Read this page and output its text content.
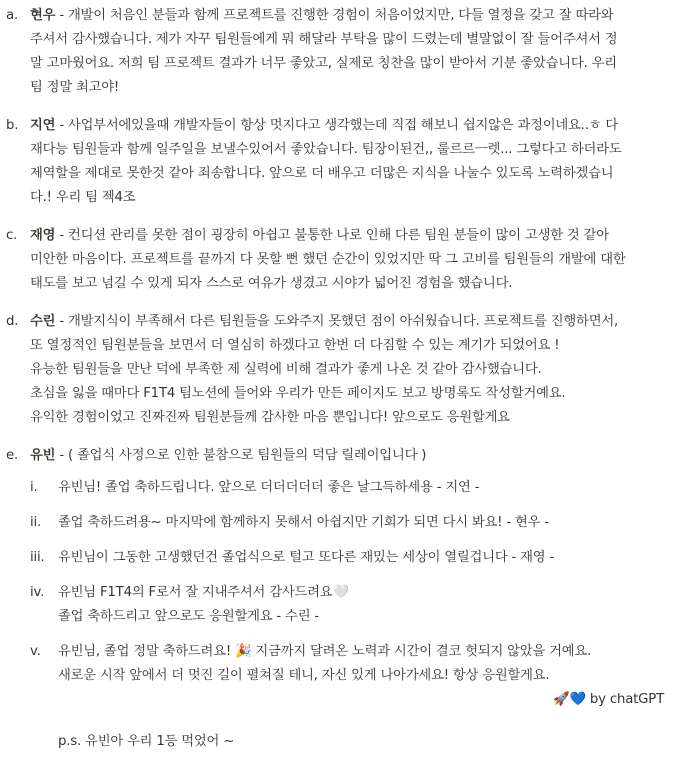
a. 현우 - 개발이 처음인 분들과 함께 프로젝트를 진행한 경험이 처음이었지만, 다들 열정을 갖고 잘 따라와
주셔서 감사했습니다. 제가 자꾸 팀원들에게 뭐 해달라 부탁을 많이 드렸는데 별말없이 잘 들어주셔서 정
말 고마웠어요. 저희 팀 프로젝트 결과가 너무 좋았고, 실제로 칭찬을 많이 받아서 기분 좋았습니다. 우리
팀 정말 최고야!
b. 지연 - 사업부서에있을때 개발자들이 항상 멋지다고 생각했는데 직접 해보니 쉽지않은 과정이네요..ㅎ 다
재다능 팀원들과 함께 일주일을 보낼수있어서 좋았습니다. 팀장이된건,, 룰르르ㅡ렛... 그렇다고 하더라도
제역할을 제대로 못한것 같아 죄송합니다. 앞으로 더 배우고 더많은 지식을 나눌수 있도록 노력하겠습니
다.! 우리 팀 젝4조
c. 재영 - 컨디션 관리를 못한 점이 굉장히 아쉽고 불통한 나로 인해 다른 팀원 분들이 많이 고생한 것 같아
미안한 마음이다. 프로젝트를 끝까지 다 못할 뻔 했던 순간이 있었지만 딱 그 고비를 팀원들의 개발에 대한
태도를 보고 넘길 수 있게 되자 스스로 여유가 생겼고 시야가 넓어진 경험을 했습니다.
d. 수린 - 개발지식이 부족해서 다른 팀원들을 도와주지 못했던 점이 아쉬웠습니다. 프로젝트를 진행하면서,
또 열정적인 팀원분들을 보면서 더 열심히 하겠다고 한번 더 다짐할 수 있는 계기가 되었어요 !
유능한 팀원들을 만난 덕에 부족한 제 실력에 비해 결과가 좋게 나온 것 같아 감사했습니다.
초심을 잃을 때마다 F1T4 팀노션에 들어와 우리가 만든 페이지도 보고 방명록도 작성할거예요.
유익한 경험이었고 진짜진짜 팀원분들께 감사한 마음 뿐입니다! 앞으로도 응원할게요
e. 유빈 - ( 졸업식 사정으로 인한 불참으로 팀원들의 덕담 릴레이입니다 )
i. 유빈님! 졸업 축하드립니다. 앞으로 더더더더더 좋은 날그득하세용 - 지연 -
ii. 졸업 축하드려용~ 마지막에 함께하지 못해서 아쉽지만 기회가 되면 다시 봐요! - 현우 -
iii. 유빈님이 그동한 고생했던건 졸업식으로 털고 또다른 재밌는 세상이 열릴겁니다 - 재영 -
iv. 유빈님 F1T4의 F로서 잘 지내주셔서 감사드려요🤍
졸업 축하드리고 앞으로도 응원할게요 - 수린 -
v. 유빈님, 졸업 정말 축하드려요! 🎉 지금까지 달려온 노력과 시간이 결코 헛되지 않았을 거예요.
새로운 시작 앞에서 더 멋진 길이 펼쳐질 테니, 자신 있게 나아가세요! 항상 응원할게요.
🚀💙 by chatGPT
p.s. 유빈아 우리 1등 먹었어 ~
